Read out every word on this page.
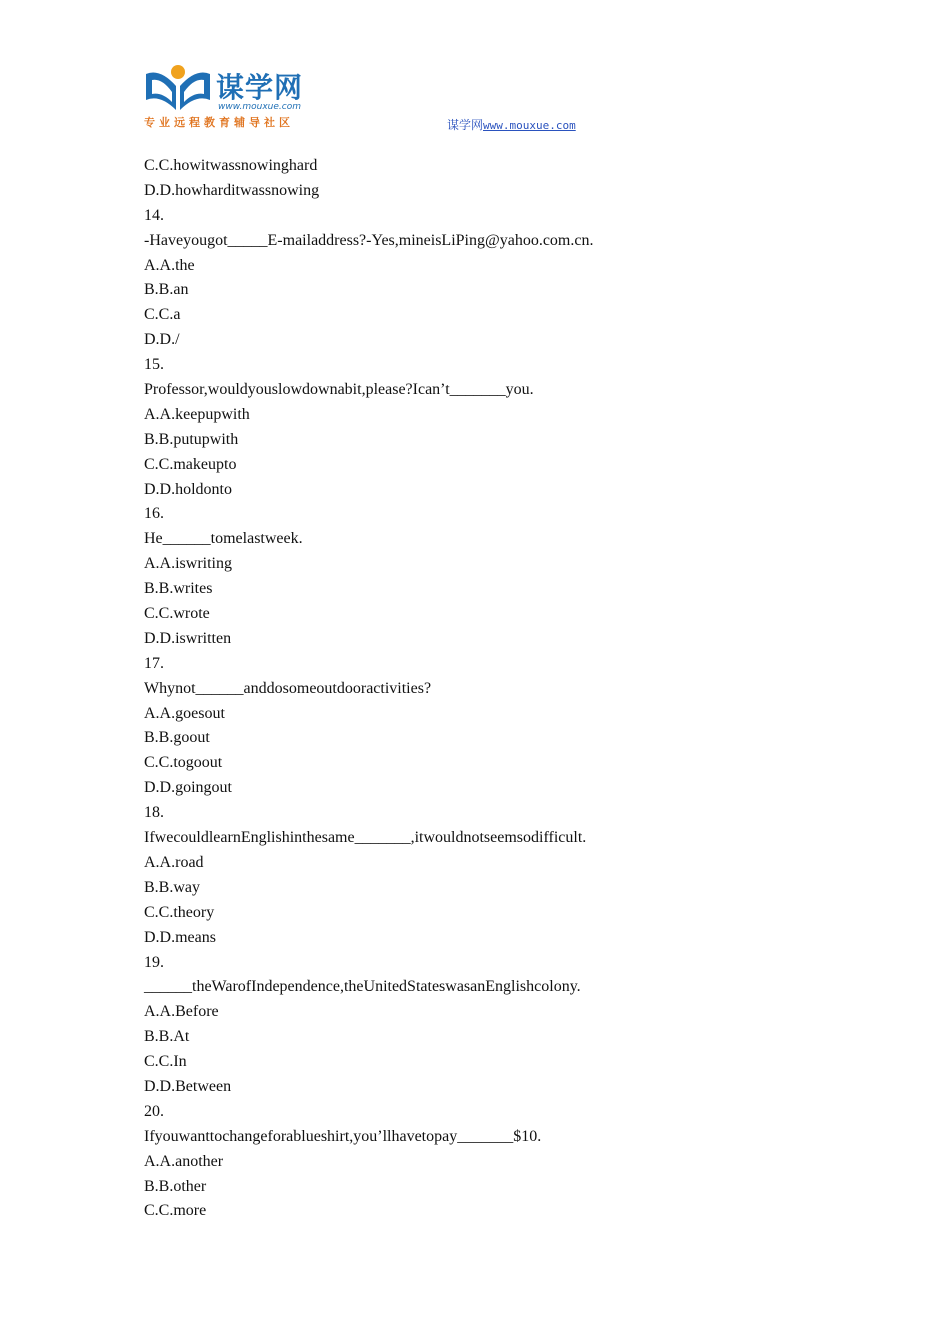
谋学网
www.mouxue.com
专业远程教育辅导社区	谋学网www.mouxue.com
C.C.howitwassnowinghard
D.D.howharditwassnowing
14.
-Haveyougot_____E-mailaddress?-Yes,mineisLiPing@yahoo.com.cn.
A.A.the
B.B.an
C.C.a
D.D./
15.
Professor,wouldyouslowdownabit,please?Ican’t_______you.
A.A.keepupwith
B.B.putupwith
C.C.makeupto
D.D.holdonto
16.
He______tomelastweek.
A.A.iswriting
B.B.writes
C.C.wrote
D.D.iswritten
17.
Whynot______anddosomeoutdooractivities?
A.A.goesout
B.B.goout
C.C.togoout
D.D.goingout
18.
IfwecouldlearnEnglishinthesame_______,itwouldnotseemsodifficult.
A.A.road
B.B.way
C.C.theory
D.D.means
19.
______theWarofIndependence,theUnitedStateswasanEnglishcolony.
A.A.Before
B.B.At
C.C.In
D.D.Between
20.
Ifyouwanttochangeforablueshirt,you’llhavetopay_______$10.
A.A.another
B.B.other
C.C.more
